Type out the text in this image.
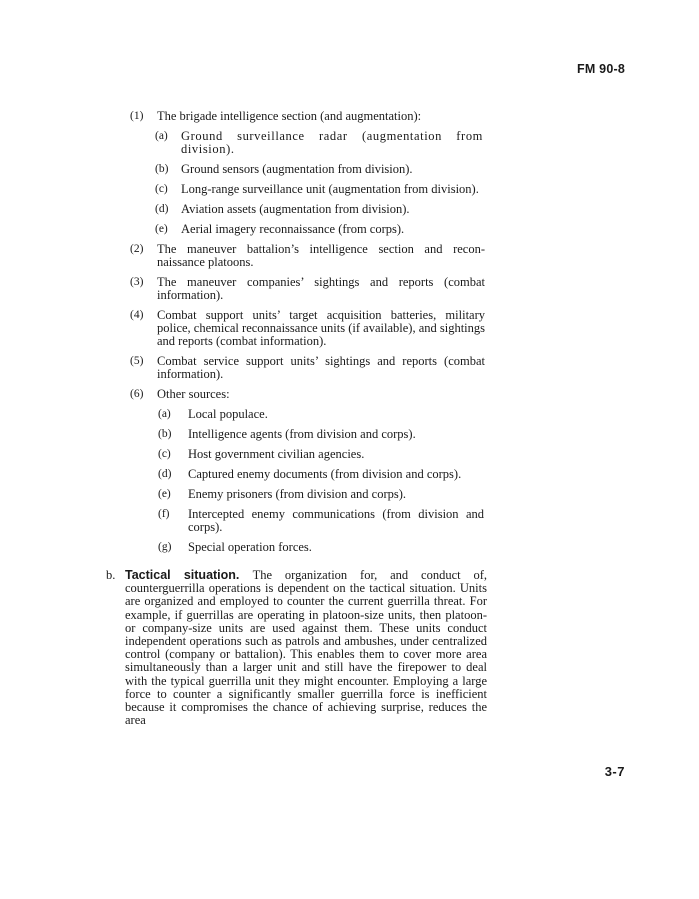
FM 90-8
(1) The brigade intelligence section (and augmentation):
(a) Ground surveillance radar (augmentation from division).
(b) Ground sensors (augmentation from division).
(c) Long-range surveillance unit (augmentation from division).
(d) Aviation assets (augmentation from division).
(e) Aerial imagery reconnaissance (from corps).
(2) The maneuver battalion’s intelligence section and recon-naissance platoons.
(3) The maneuver companies’ sightings and reports (combat information).
(4) Combat support units’ target acquisition batteries, military police, chemical reconnaissance units (if available), and sightings and reports (combat information).
(5) Combat service support units’ sightings and reports (combat information).
(6) Other sources:
(a) Local populace.
(b) Intelligence agents (from division and corps).
(c) Host government civilian agencies.
(d) Captured enemy documents (from division and corps).
(e) Enemy prisoners (from division and corps).
(f) Intercepted enemy communications (from division and corps).
(g) Special operation forces.
b. Tactical situation. The organization for, and conduct of, counterguerrilla operations is dependent on the tactical situation. Units are organized and employed to counter the current guerrilla threat. For example, if guerrillas are operating in platoon-size units, then platoon- or company-size units are used against them. These units conduct independent operations such as patrols and ambushes, under centralized control (company or battalion). This enables them to cover more area simultaneously than a larger unit and still have the firepower to deal with the typical guerrilla unit they might encounter. Employing a large force to counter a significantly smaller guerrilla force is inefficient because it compromises the chance of achieving surprise, reduces the area
3-7
